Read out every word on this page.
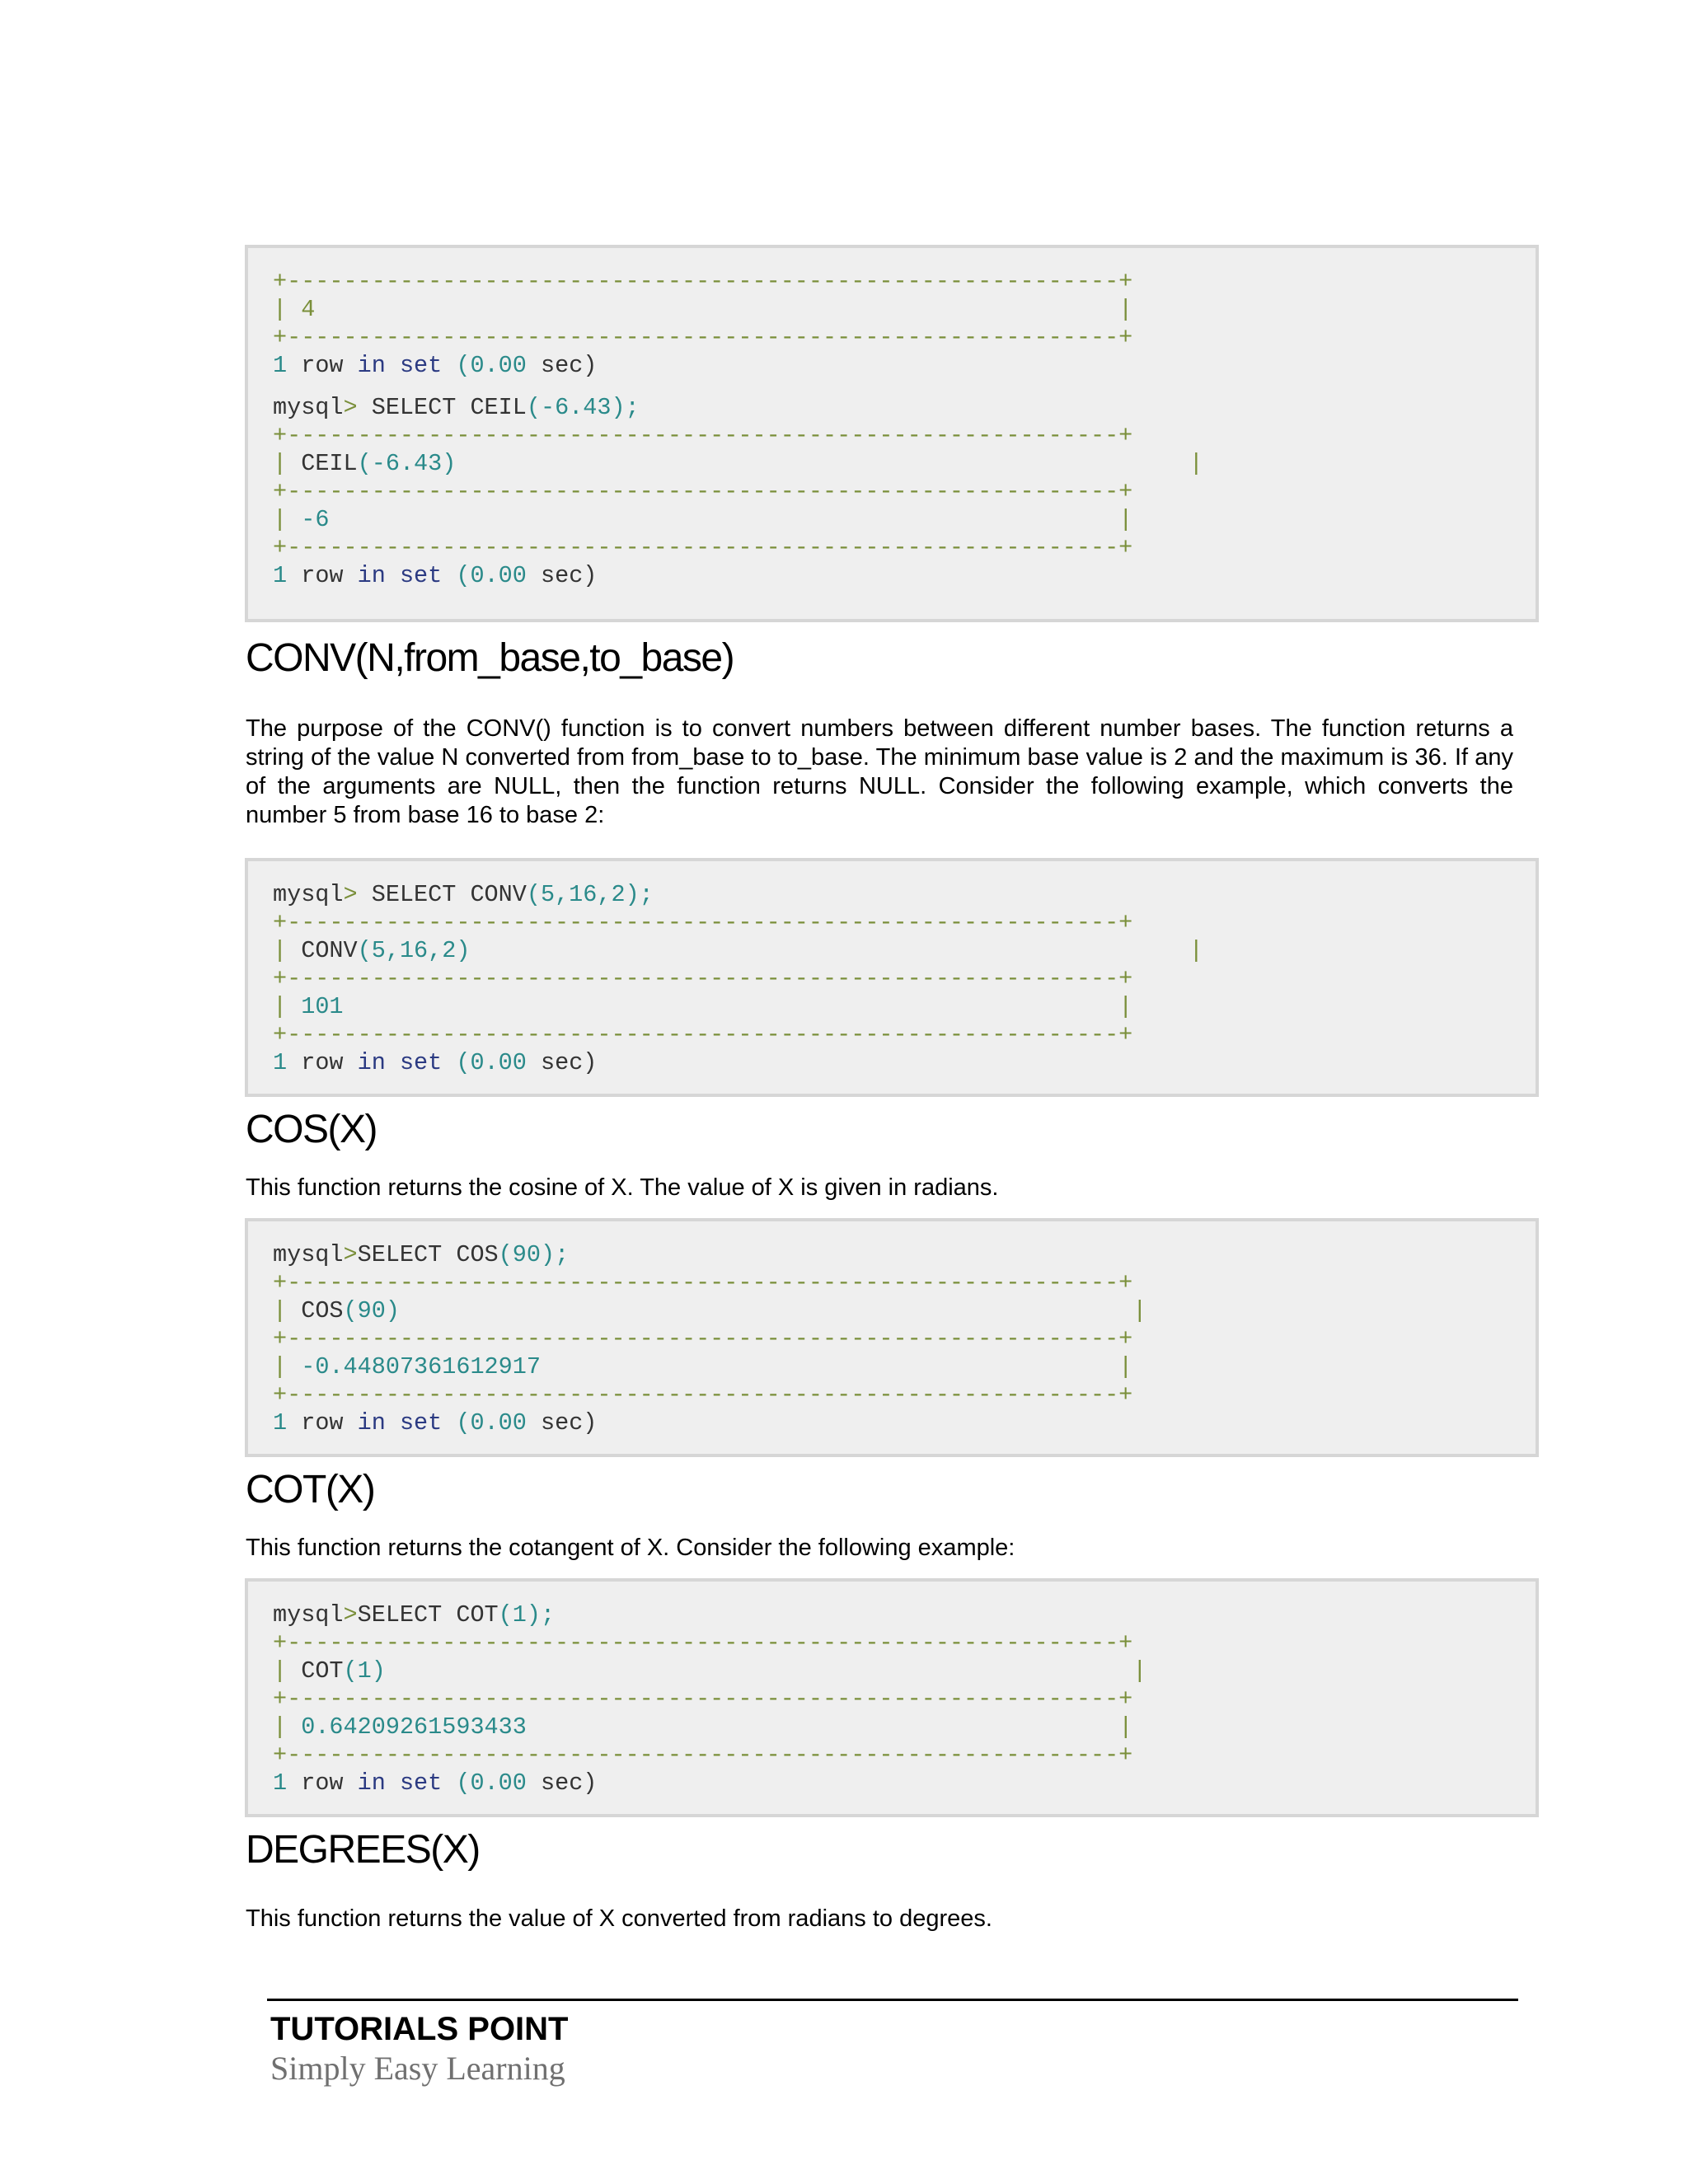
+-----------------------------------------------------------+
| 4                                                         |
+-----------------------------------------------------------+
1 row in set (0.00 sec)
mysql> SELECT CEIL(-6.43);
+-----------------------------------------------------------+
| CEIL(-6.43)                                                    |
+-----------------------------------------------------------+
| -6                                                        |
+-----------------------------------------------------------+
1 row in set (0.00 sec)
CONV(N,from_base,to_base)

The purpose of the CONV() function is to convert numbers between different number bases. The function returns a string of the value N converted from from_base to to_base. The minimum base value is 2 and the maximum is 36. If any of the arguments are NULL, then the function returns NULL. Consider the following example, which converts the number 5 from base 16 to base 2:

mysql> SELECT CONV(5,16,2);
+-----------------------------------------------------------+
| CONV(5,16,2)                                                   |
+-----------------------------------------------------------+
| 101                                                       |
+-----------------------------------------------------------+
1 row in set (0.00 sec)
COS(X)

This function returns the cosine of X. The value of X is given in radians.

mysql>SELECT COS(90);
+-----------------------------------------------------------+
| COS(90)                                                    |
+-----------------------------------------------------------+
| -0.44807361612917                                         |
+-----------------------------------------------------------+
1 row in set (0.00 sec)
COT(X)

This function returns the cotangent of X. Consider the following example:

mysql>SELECT COT(1);
+-----------------------------------------------------------+
| COT(1)                                                     |
+-----------------------------------------------------------+
| 0.64209261593433                                          |
+-----------------------------------------------------------+
1 row in set (0.00 sec)
DEGREES(X)

This function returns the value of X converted from radians to degrees.

TUTORIALS POINT

Simply Easy Learning
